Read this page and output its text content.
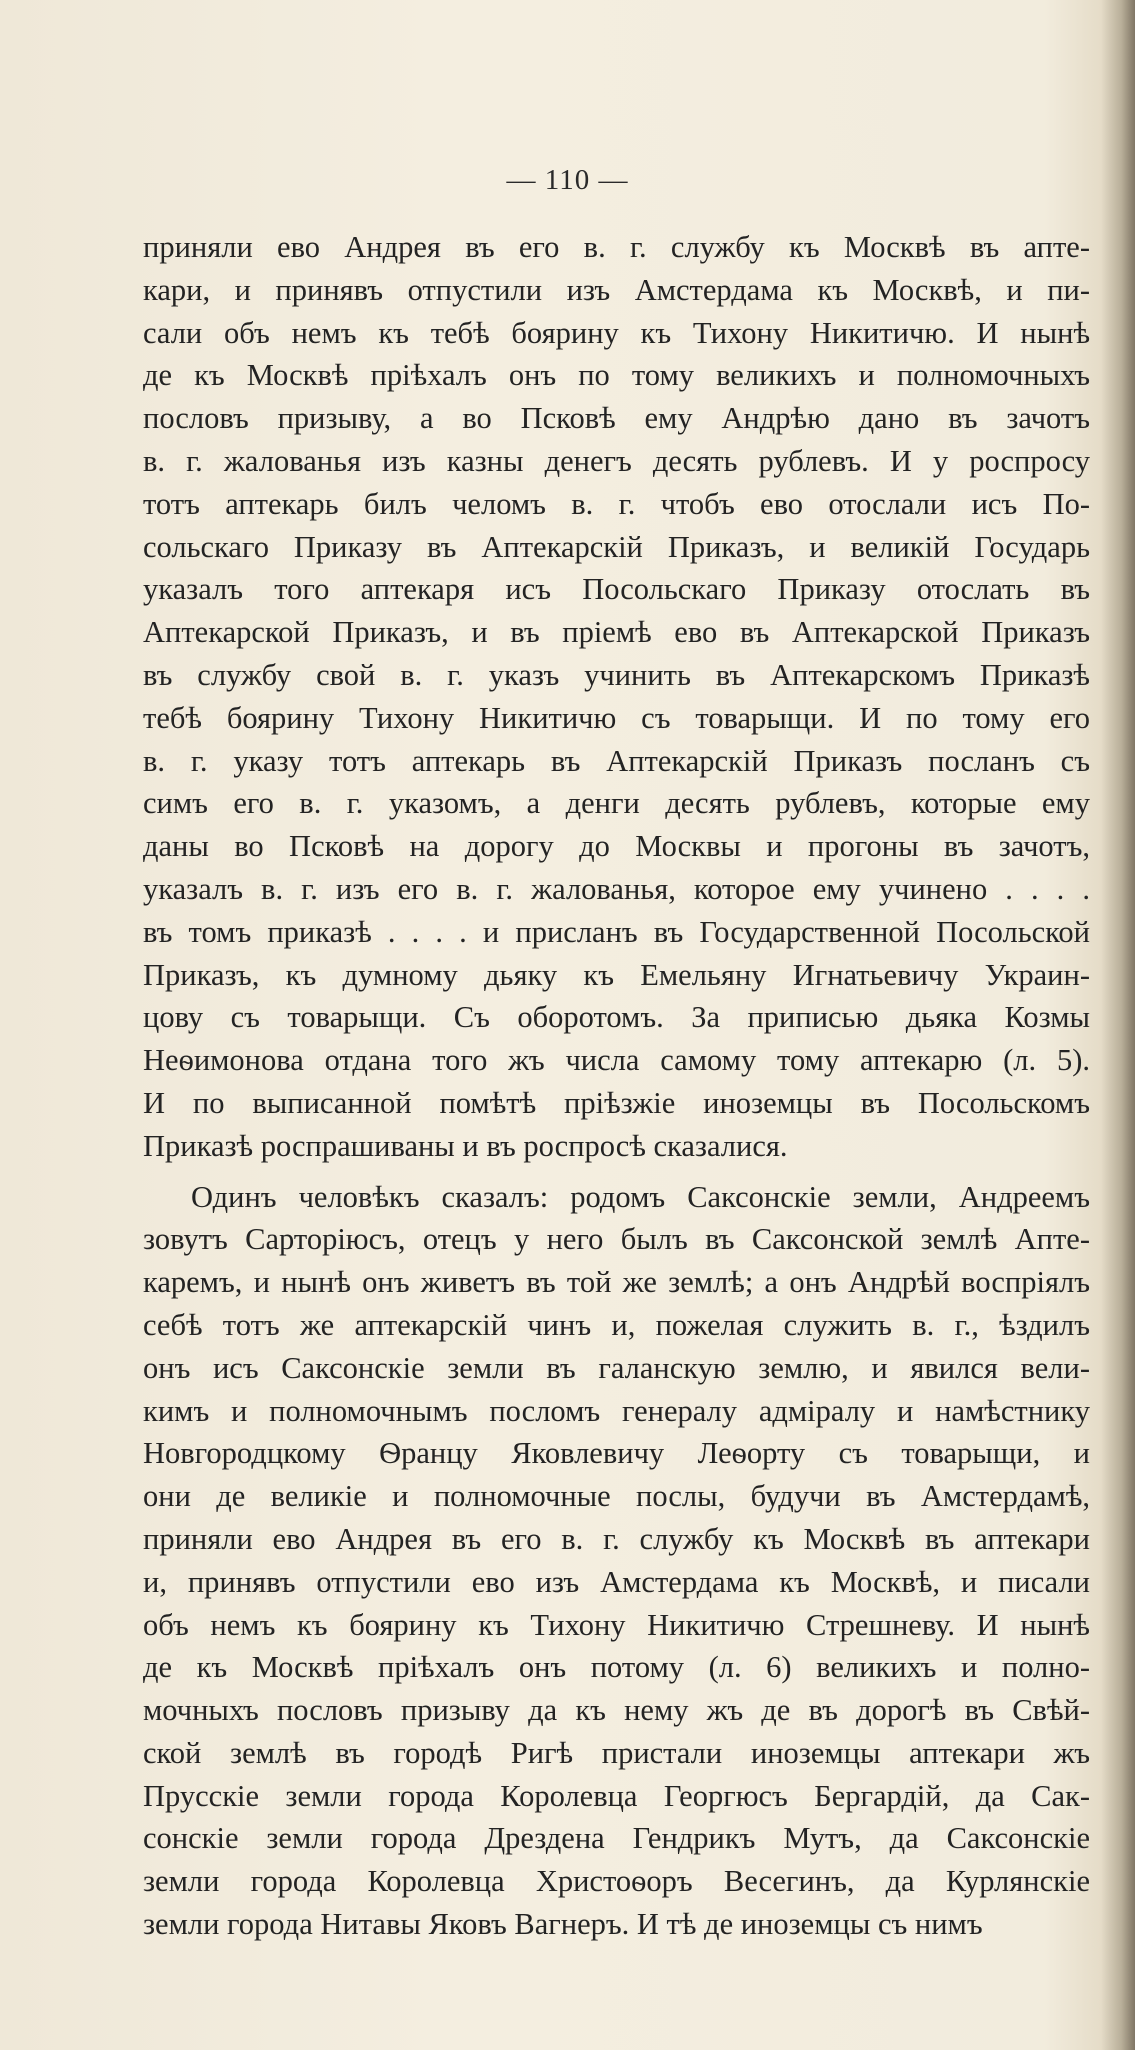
— 110 —
приняли ево Андрея въ его в. г. службу къ Москвѣ въ апте-
кари, и принявъ отпустили изъ Амстердама къ Москвѣ, и пи-
сали объ немъ къ тебѣ боярину къ Тихону Никитичю. И нынѣ
де къ Москвѣ пріѣхалъ онъ по тому великихъ и полномочныхъ
пословъ призыву, а во Псковѣ ему Андрѣю дано въ зачотъ
в. г. жалованья изъ казны денегъ десять рублевъ. И у роспросу
тотъ аптекарь билъ челомъ в. г. чтобъ ево отослали исъ По-
сольскаго Приказу въ Аптекарскій Приказъ, и великій Государь
указалъ того аптекаря исъ Посольскаго Приказу отослать въ
Аптекарской Приказъ, и въ пріемѣ ево въ Аптекарской Приказъ
въ службу свой в. г. указъ учинить въ Аптекарскомъ Приказѣ
тебѣ боярину Тихону Никитичю съ товарыщи. И по тому его
в. г. указу тотъ аптекарь въ Аптекарскій Приказъ посланъ съ
симъ его в. г. указомъ, а денги десять рублевъ, которые ему
даны во Псковѣ на дорогу до Москвы и прогоны въ зачотъ,
указалъ в. г. изъ его в. г. жалованья, которое ему учинено . . . .
въ томъ приказѣ . . . . и присланъ въ Государственной Посольской
Приказъ, къ думному дьяку къ Емельяну Игнатьевичу Украин-
цову съ товарыщи. Съ оборотомъ. За приписью дьяка Козмы
Неѳимонова отдана того жъ числа самому тому аптекарю (л. 5).
И по выписанной помѣтѣ пріѣзжіе иноземцы въ Посольскомъ
Приказѣ роспрашиваны и въ роспросѣ сказалися.
Одинъ человѣкъ сказалъ: родомъ Саксонскіе земли, Андреемъ
зовутъ Сарторіюсъ, отецъ у него былъ въ Саксонской землѣ Апте-
каремъ, и нынѣ онъ живетъ въ той же землѣ; а онъ Андрѣй воспріялъ
себѣ тотъ же аптекарскій чинъ и, пожелая служить в. г., ѣздилъ
онъ исъ Саксонскіе земли въ галанскую землю, и явился вели-
кимъ и полномочнымъ посломъ генералу адміралу и намѣстнику
Новгородцкому Ѳранцу Яковлевичу Леѳорту съ товарыщи, и
они де великіе и полномочные послы, будучи въ Амстердамѣ,
приняли ево Андрея въ его в. г. службу къ Москвѣ въ аптекари
и, принявъ отпустили ево изъ Амстердама къ Москвѣ, и писали
объ немъ къ боярину къ Тихону Никитичю Стрешневу. И нынѣ
де къ Москвѣ пріѣхалъ онъ потому (л. 6) великихъ и полно-
мочныхъ пословъ призыву да къ нему жъ де въ дорогѣ въ Свѣй-
ской землѣ въ городѣ Ригѣ пристали иноземцы аптекари жъ
Прусскіе земли города Королевца Георгюсъ Бергардій, да Сак-
сонскіе земли города Дрездена Гендрикъ Мутъ, да Саксонскіе
земли города Королевца Христоѳоръ Весегинъ, да Курлянскіе
земли города Нитавы Яковъ Вагнеръ. И тѣ де иноземцы съ нимъ
